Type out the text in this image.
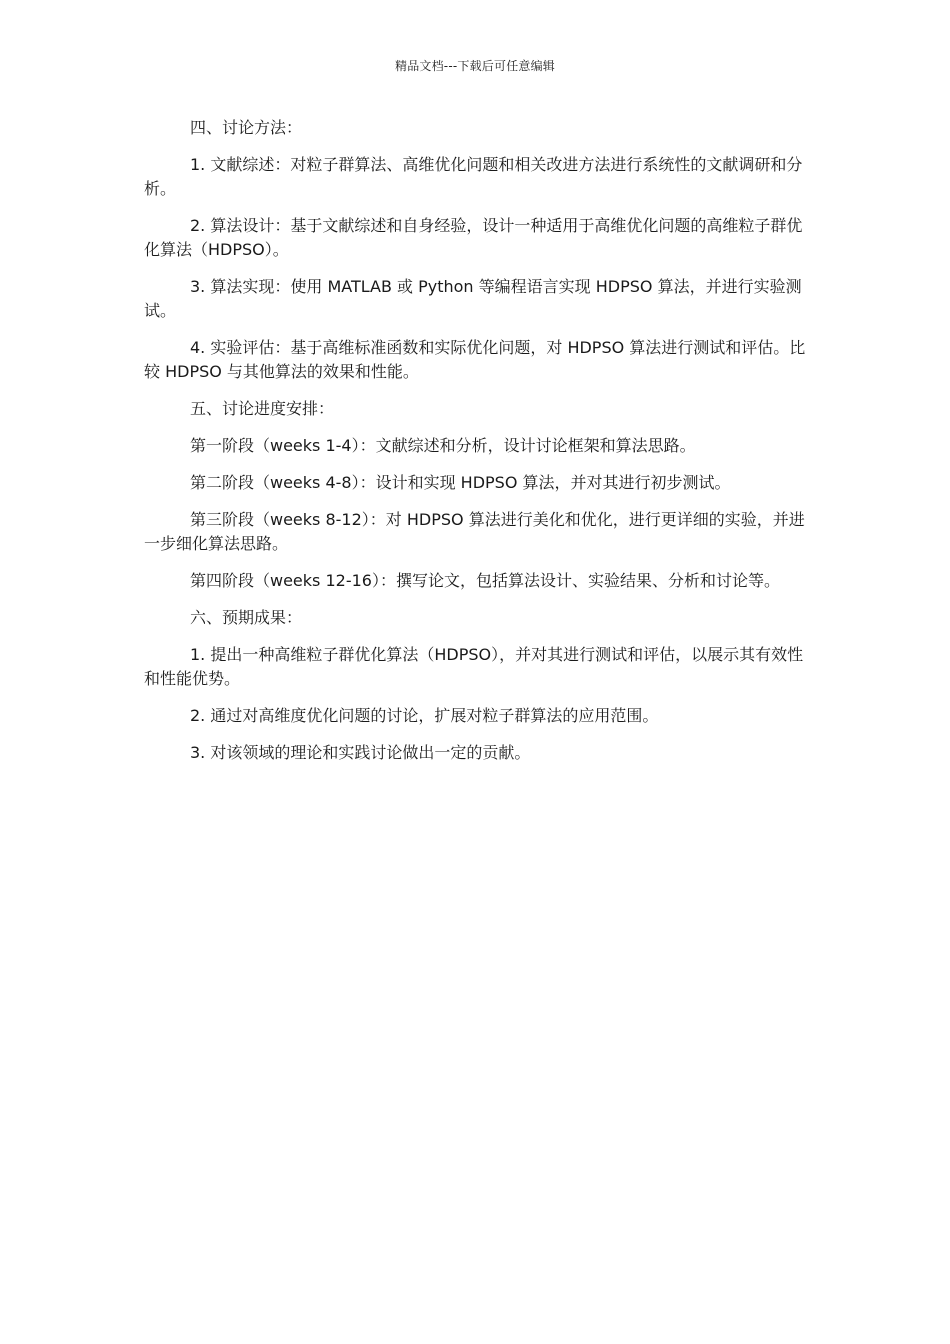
精品文档---下载后可任意编辑

四、讨论方法：

1. 文献综述：对粒子群算法、高维优化问题和相关改进方法进行系统性的文献调研和分析。

2. 算法设计：基于文献综述和自身经验，设计一种适用于高维优化问题的高维粒子群优化算法（HDPSO）。

3. 算法实现：使用 MATLAB 或 Python 等编程语言实现 HDPSO 算法，并进行实验测试。

4. 实验评估：基于高维标准函数和实际优化问题，对 HDPSO 算法进行测试和评估。比较 HDPSO 与其他算法的效果和性能。

五、讨论进度安排：

第一阶段（weeks 1-4）：文献综述和分析，设计讨论框架和算法思路。

第二阶段（weeks 4-8）：设计和实现 HDPSO 算法，并对其进行初步测试。

第三阶段（weeks 8-12）：对 HDPSO 算法进行美化和优化，进行更详细的实验，并进一步细化算法思路。

第四阶段（weeks 12-16）：撰写论文，包括算法设计、实验结果、分析和讨论等。

六、预期成果：

1. 提出一种高维粒子群优化算法（HDPSO），并对其进行测试和评估，以展示其有效性和性能优势。

2. 通过对高维度优化问题的讨论，扩展对粒子群算法的应用范围。

3. 对该领域的理论和实践讨论做出一定的贡献。
